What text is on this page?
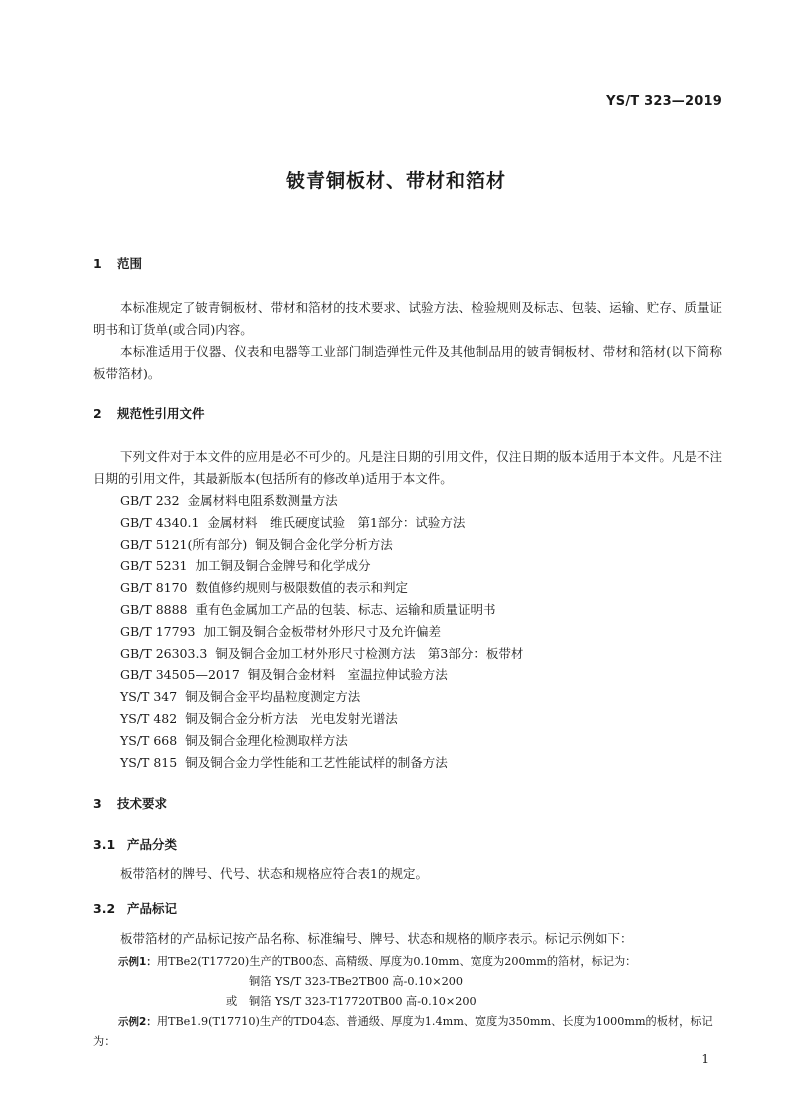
YS/T 323—2019
铍青铜板材、带材和箔材
1 范围

本标准规定了铍青铜板材、带材和箔材的技术要求、试验方法、检验规则及标志、包装、运输、贮存、质量证明书和订货单(或合同)内容。

本标准适用于仪器、仪表和电器等工业部门制造弹性元件及其他制品用的铍青铜板材、带材和箔材(以下简称板带箔材)。

2 规范性引用文件

下列文件对于本文件的应用是必不可少的。凡是注日期的引用文件，仅注日期的版本适用于本文件。凡是不注日期的引用文件，其最新版本(包括所有的修改单)适用于本文件。

GB/T 232 金属材料电阻系数测量方法
GB/T 4340.1 金属材料　维氏硬度试验　第1部分：试验方法
GB/T 5121(所有部分) 铜及铜合金化学分析方法
GB/T 5231 加工铜及铜合金牌号和化学成分
GB/T 8170 数值修约规则与极限数值的表示和判定
GB/T 8888 重有色金属加工产品的包装、标志、运输和质量证明书
GB/T 17793 加工铜及铜合金板带材外形尺寸及允许偏差
GB/T 26303.3 铜及铜合金加工材外形尺寸检测方法　第3部分：板带材
GB/T 34505—2017 铜及铜合金材料　室温拉伸试验方法
YS/T 347 铜及铜合金平均晶粒度测定方法
YS/T 482 铜及铜合金分析方法　光电发射光谱法
YS/T 668 铜及铜合金理化检测取样方法
YS/T 815 铜及铜合金力学性能和工艺性能试样的制备方法
3 技术要求
3.1 产品分类

板带箔材的牌号、代号、状态和规格应符合表1的规定。

3.2 产品标记

板带箔材的产品标记按产品名称、标准编号、牌号、状态和规格的顺序表示。标记示例如下：

示例1：用TBe2(T17720)生产的TB00态、高精级、厚度为0.10mm、宽度为200mm的箔材，标记为：
铜箔 YS/T 323-TBe2TB00 高-0.10×200
或 铜箔 YS/T 323-T17720TB00 高-0.10×200
示例2：用TBe1.9(T17710)生产的TD04态、普通级、厚度为1.4mm、宽度为350mm、长度为1000mm的板材，标记为：
1
